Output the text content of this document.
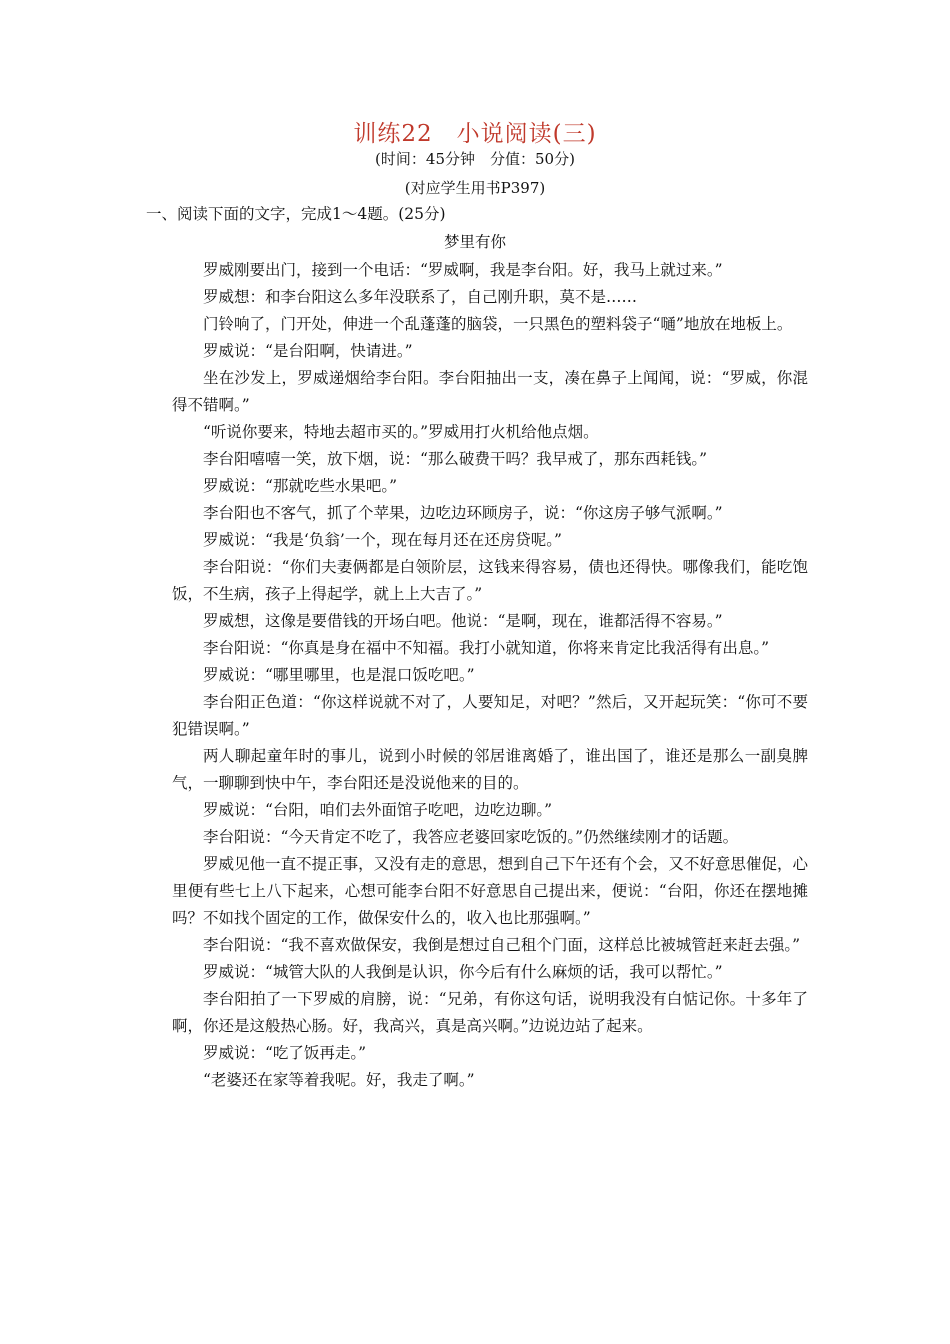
训练22　小说阅读(三)
(时间：45分钟　分值：50分)
(对应学生用书P397)
一、阅读下面的文字，完成1～4题。(25分)
梦里有你

罗威刚要出门，接到一个电话：“罗威啊，我是李台阳。好，我马上就过来。”

罗威想：和李台阳这么多年没联系了，自己刚升职，莫不是……

门铃响了，门开处，伸进一个乱蓬蓬的脑袋，一只黑色的塑料袋子“嗵”地放在地板上。

罗威说：“是台阳啊，快请进。”

坐在沙发上，罗威递烟给李台阳。李台阳抽出一支，凑在鼻子上闻闻，说：“罗威，你混得不错啊。”

“听说你要来，特地去超市买的。”罗威用打火机给他点烟。

李台阳嘻嘻一笑，放下烟，说：“那么破费干吗？我早戒了，那东西耗钱。”

罗威说：“那就吃些水果吧。”

李台阳也不客气，抓了个苹果，边吃边环顾房子，说：“你这房子够气派啊。”

罗威说：“我是‘负翁’一个，现在每月还在还房贷呢。”

李台阳说：“你们夫妻俩都是白领阶层，这钱来得容易，债也还得快。哪像我们，能吃饱饭，不生病，孩子上得起学，就上上大吉了。”

罗威想，这像是要借钱的开场白吧。他说：“是啊，现在，谁都活得不容易。”

李台阳说：“你真是身在福中不知福。我打小就知道，你将来肯定比我活得有出息。”

罗威说：“哪里哪里，也是混口饭吃吧。”

李台阳正色道：“你这样说就不对了，人要知足，对吧？”然后，又开起玩笑：“你可不要犯错误啊。”

两人聊起童年时的事儿，说到小时候的邻居谁离婚了，谁出国了，谁还是那么一副臭脾气，一聊聊到快中午，李台阳还是没说他来的目的。

罗威说：“台阳，咱们去外面馆子吃吧，边吃边聊。”

李台阳说：“今天肯定不吃了，我答应老婆回家吃饭的。”仍然继续刚才的话题。

罗威见他一直不提正事，又没有走的意思，想到自己下午还有个会，又不好意思催促，心里便有些七上八下起来，心想可能李台阳不好意思自己提出来，便说：“台阳，你还在摆地摊吗？不如找个固定的工作，做保安什么的，收入也比那强啊。”

李台阳说：“我不喜欢做保安，我倒是想过自己租个门面，这样总比被城管赶来赶去强。”

罗威说：“城管大队的人我倒是认识，你今后有什么麻烦的话，我可以帮忙。”

李台阳拍了一下罗威的肩膀，说：“兄弟，有你这句话，说明我没有白惦记你。十多年了啊，你还是这般热心肠。好，我高兴，真是高兴啊。”边说边站了起来。

罗威说：“吃了饭再走。”

“老婆还在家等着我呢。好，我走了啊。”
